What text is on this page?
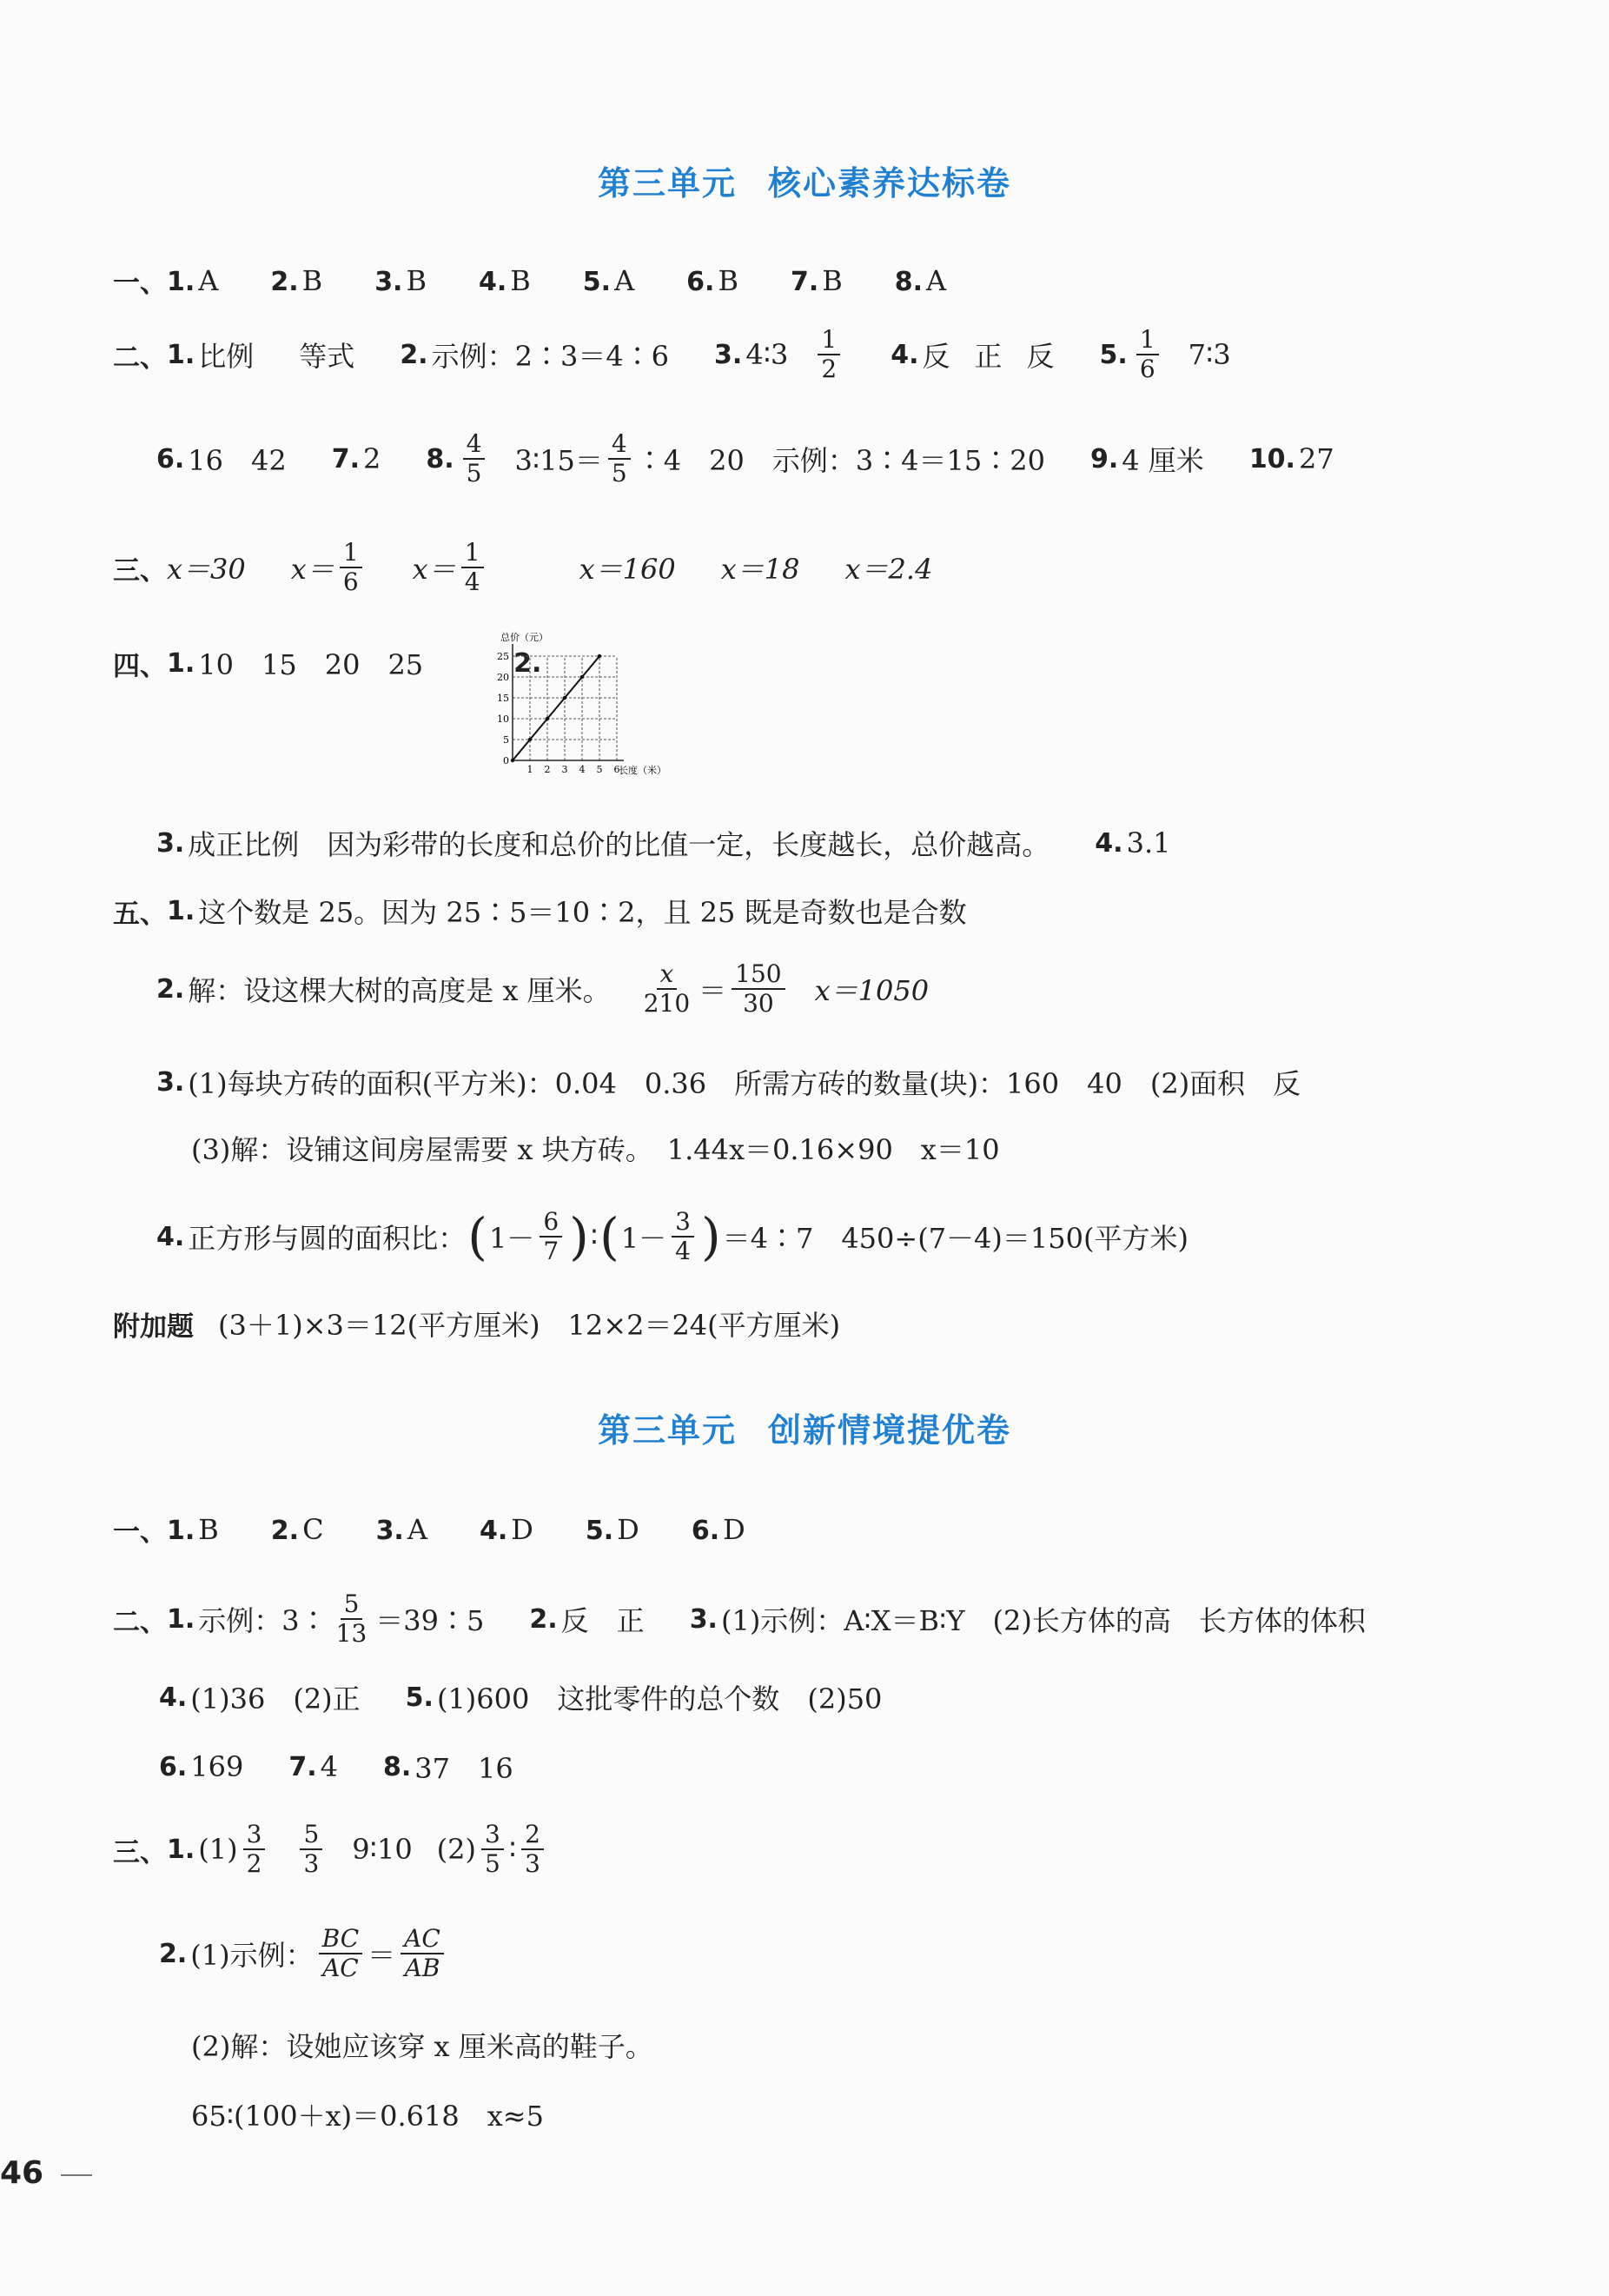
第三单元 核心素养达标卷
一、 1. A 2. B 3. B 4. B 5. A 6. B 7. B 8. A
二、 1. 比例 等式 2. 示例：2∶3＝4∶6 3. 4∶3 $\frac{1}{2} 4$. 反 正 反 5. $\frac{1}{6}$ 7∶3
6. 16　42 7. 2 8. $\frac{4}{5}$ 3∶15＝ $\frac{4}{5}$ ∶4　20　示例：3∶4＝15∶20 9. 4 厘米 10. 27
三、 x＝30 $x= \frac{1}{6} x= \frac{1}{4}$	x＝160 x＝18 x＝2.4
四、 1. 10　15　20　25	2.
1 2 3 4 5 6
0
5
10
15
20
25
总价（元）
长度（米）
3. 成正比例　因为彩带的长度和总价的比值一定，长度越长，总价越高。 4. 3.1
五、 1. 这个数是 25。因为 25∶5＝10∶2，且 25 既是奇数也是合数
2. 解：设这棵大树的高度是 x 厘米。 $\frac{x}{210} = \frac{150}{30} x=1050$
3. (1)每块方砖的面积(平方米)：0.04　0.36　所需方砖的数量(块)：160　40　(2)面积　反
(3)解：设铺这间房屋需要 x 块方砖。　1.44x＝0.16×90　x＝10
4. 正方形与圆的面积比： ( $1- \frac{6}{7}$ ) ∶ ( $1- \frac{3}{4}$ ) ＝4∶7　450÷(7－4)＝150(平方米)
附加题 (3＋1)×3＝12(平方厘米)　12×2＝24(平方厘米)
第三单元 创新情境提优卷
一、 1. B 2. C 3. A 4. D 5. D 6. D
二、 1. 示例：3∶ $\frac{5}{13}$ ＝39∶5 2. 反　正 3. (1)示例：A∶X＝B∶Y　(2)长方体的高　长方体的体积
4. (1)36　(2)正 5. (1)600　这批零件的总个数　(2)50
6. 169 7. 4 8. 37　16
三、 1. $(1) \frac{3}{2} \frac{5}{3}$ 9∶10 $(2) \frac{3}{5}$ ∶ $\frac{2}{3}$
2. (1)示例： $\frac{BC}{AC} = \frac{AC}{AB}$
(2)解：设她应该穿 x 厘米高的鞋子。
65∶(100＋x)＝0.618　x≈5
46
